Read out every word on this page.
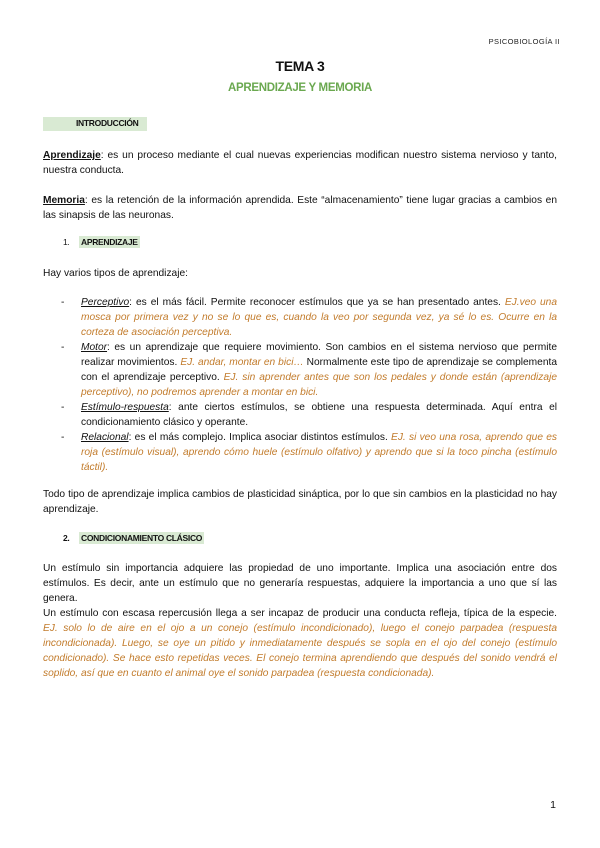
PSICOBIOLOGÍA II
TEMA 3
APRENDIZAJE Y MEMORIA
INTRODUCCIÓN
Aprendizaje: es un proceso mediante el cual nuevas experiencias modifican nuestro sistema nervioso y tanto, nuestra conducta.
Memoria: es la retención de la información aprendida. Este “almacenamiento” tiene lugar gracias a cambios en las sinapsis de las neuronas.
1. APRENDIZAJE
Hay varios tipos de aprendizaje:
- Perceptivo: es el más fácil. Permite reconocer estímulos que ya se han presentado antes. EJ.veo una mosca por primera vez y no se lo que es, cuando la veo por segunda vez, ya sé lo es. Ocurre en la corteza de asociación perceptiva.
- Motor: es un aprendizaje que requiere movimiento. Son cambios en el sistema nervioso que permite realizar movimientos. EJ. andar, montar en bici… Normalmente este tipo de aprendizaje se complementa con el aprendizaje perceptivo. EJ. sin aprender antes que son los pedales y donde están (aprendizaje perceptivo), no podremos aprender a montar en bici.
- Estímulo-respuesta: ante ciertos estímulos, se obtiene una respuesta determinada. Aquí entra el condicionamiento clásico y operante.
- Relacional: es el más complejo. Implica asociar distintos estímulos. EJ. si veo una rosa, aprendo que es roja (estímulo visual), aprendo cómo huele (estímulo olfativo) y aprendo que si la toco pincha (estímulo táctil).
Todo tipo de aprendizaje implica cambios de plasticidad sináptica, por lo que sin cambios en la plasticidad no hay aprendizaje.
2. CONDICIONAMIENTO CLÁSICO
Un estímulo sin importancia adquiere las propiedad de uno importante. Implica una asociación entre dos estímulos. Es decir, ante un estímulo que no generaría respuestas, adquiere la importancia a uno que sí las genera.
Un estímulo con escasa repercusión llega a ser incapaz de producir una conducta refleja, típica de la especie. EJ. solo lo de aire en el ojo a un conejo (estímulo incondicionado), luego el conejo parpadea (respuesta incondicionada). Luego, se oye un pitido y inmediatamente después se sopla en el ojo del conejo (estímulo condicionado). Se hace esto repetidas veces. El conejo termina aprendiendo que después del sonido vendrá el soplido, así que en cuanto el animal oye el sonido parpadea (respuesta condicionada).
1
